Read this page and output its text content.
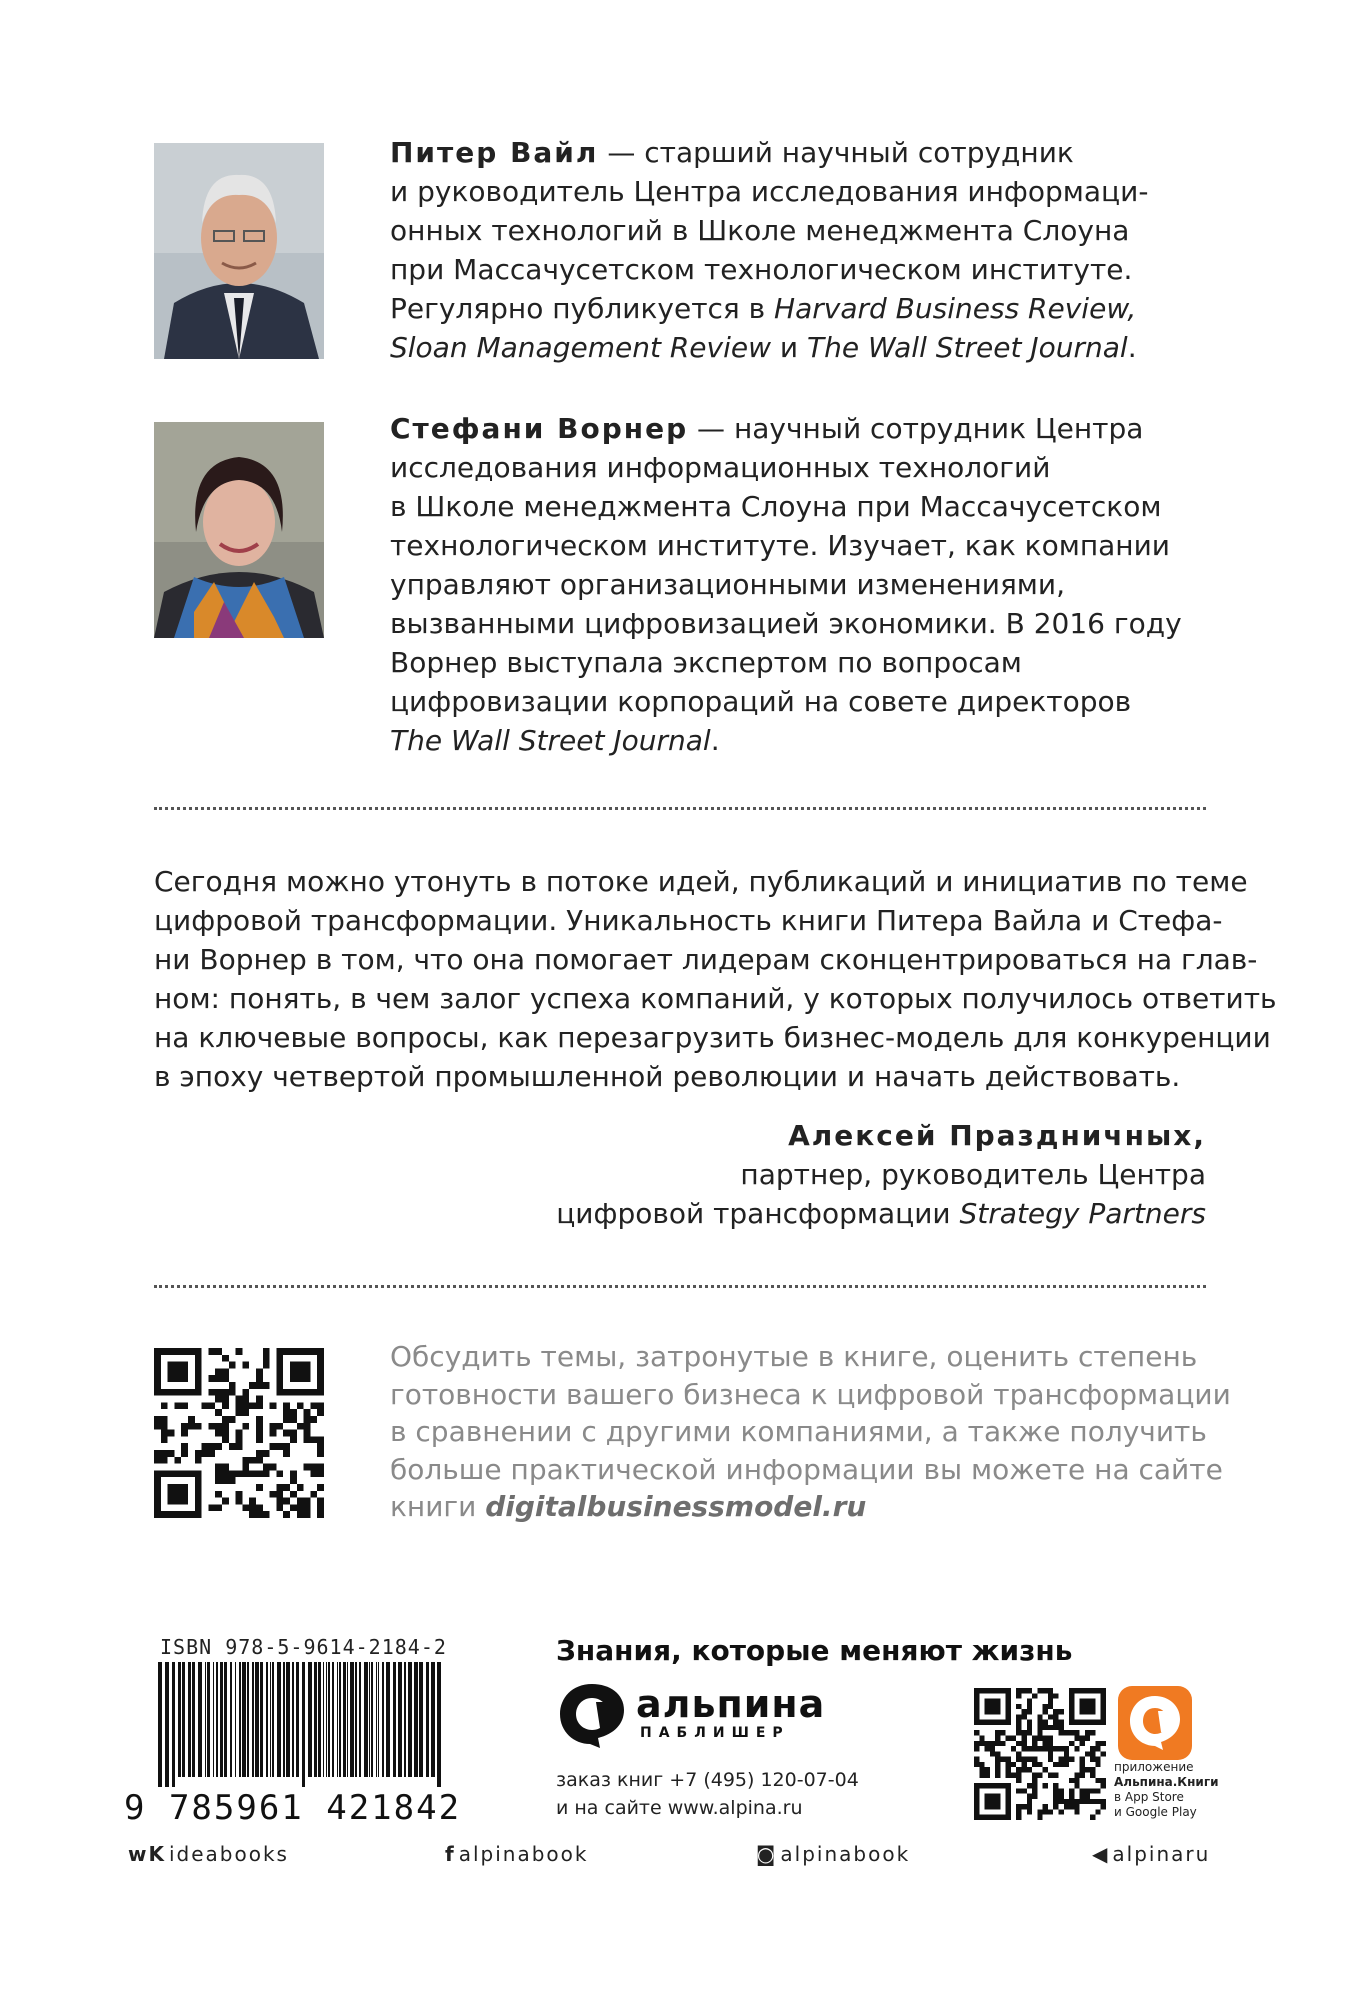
Питер Вайл — старший научный сотрудник
и руководитель Центра исследования информаци-
онных технологий в Школе менеджмента Слоуна
при Массачусетском технологическом институте.
Регулярно публикуется в Harvard Business Review,
Sloan Management Review и The Wall Street Journal.
Стефани Ворнер — научный сотрудник Центра
исследования информационных технологий
в Школе менеджмента Слоуна при Массачусетском
технологическом институте. Изучает, как компании
управляют организационными изменениями,
вызванными цифровизацией экономики. В 2016 году
Ворнер выступала экспертом по вопросам
цифровизации корпораций на совете директоров
The Wall Street Journal.
Сегодня можно утонуть в потоке идей, публикаций и инициатив по теме
цифровой трансформации. Уникальность книги Питера Вайла и Стефа-
ни Ворнер в том, что она помогает лидерам сконцентрироваться на глав-
ном: понять, в чем залог успеха компаний, у которых получилось ответить
на ключевые вопросы, как перезагрузить бизнес-модель для конкуренции
в эпоху четвертой промышленной революции и начать действовать.
Алексей Праздничных,
партнер, руководитель Центра
цифровой трансформации Strategy Partners
Обсудить темы, затронутые в книге, оценить степень
готовности вашего бизнеса к цифровой трансформации
в сравнении с другими компаниями, а также получить
больше практической информации вы можете на сайте
книги digitalbusinessmodel.ru
ISBN 978-5-9614-2184-2
9 785961 421842
Знания, которые меняют жизнь
альпина
ПАБЛИШЕР
заказ книг +7 (495) 120-07-04
и на сайте www.alpina.ru
приложение
Альпина.Книги
в App Store
и Google Play
ᴡK ideabooks	f alpinabook	◙ alpinabook	◀ alpinaru
